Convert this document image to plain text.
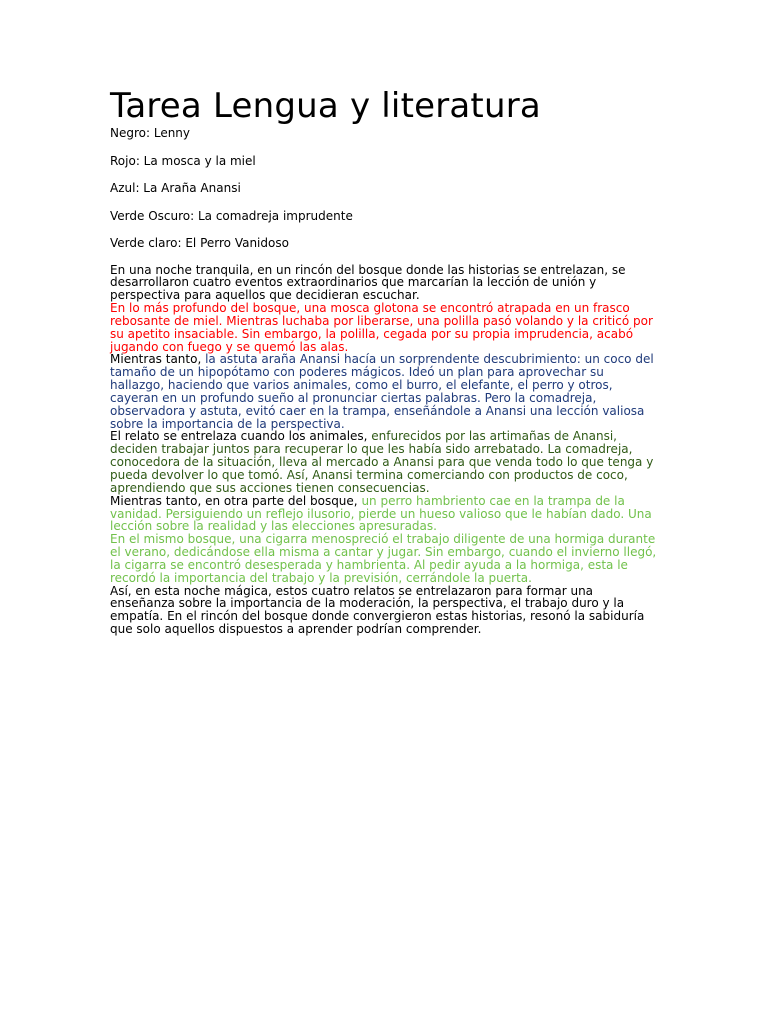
Tarea Lengua y literatura

Negro: Lenny

Rojo: La mosca y la miel

Azul: La Araña Anansi

Verde Oscuro: La comadreja imprudente

Verde claro: El Perro Vanidoso

En una noche tranquila, en un rincón del bosque donde las historias se entrelazan, se desarrollaron cuatro eventos extraordinarios que marcarían la lección de unión y perspectiva para aquellos que decidieran escuchar.

En lo más profundo del bosque, una mosca glotona se encontró atrapada en un frasco rebosante de miel. Mientras luchaba por liberarse, una polilla pasó volando y la criticó por su apetito insaciable. Sin embargo, la polilla, cegada por su propia imprudencia, acabó jugando con fuego y se quemó las alas.

Mientras tanto, la astuta araña Anansi hacía un sorprendente descubrimiento: un coco del tamaño de un hipopótamo con poderes mágicos. Ideó un plan para aprovechar su hallazgo, haciendo que varios animales, como el burro, el elefante, el perro y otros, cayeran en un profundo sueño al pronunciar ciertas palabras. Pero la comadreja, observadora y astuta, evitó caer en la trampa, enseñándole a Anansi una lección valiosa sobre la importancia de la perspectiva.

El relato se entrelaza cuando los animales, enfurecidos por las artimañas de Anansi, deciden trabajar juntos para recuperar lo que les había sido arrebatado. La comadreja, conocedora de la situación, lleva al mercado a Anansi para que venda todo lo que tenga y pueda devolver lo que tomó. Así, Anansi termina comerciando con productos de coco, aprendiendo que sus acciones tienen consecuencias.

Mientras tanto, en otra parte del bosque, un perro hambriento cae en la trampa de la vanidad. Persiguiendo un reflejo ilusorio, pierde un hueso valioso que le habían dado. Una lección sobre la realidad y las elecciones apresuradas.

En el mismo bosque, una cigarra menospreció el trabajo diligente de una hormiga durante el verano, dedicándose ella misma a cantar y jugar. Sin embargo, cuando el invierno llegó, la cigarra se encontró desesperada y hambrienta. Al pedir ayuda a la hormiga, esta le recordó la importancia del trabajo y la previsión, cerrándole la puerta.

Así, en esta noche mágica, estos cuatro relatos se entrelazaron para formar una enseñanza sobre la importancia de la moderación, la perspectiva, el trabajo duro y la empatía. En el rincón del bosque donde convergieron estas historias, resonó la sabiduría que solo aquellos dispuestos a aprender podrían comprender.
